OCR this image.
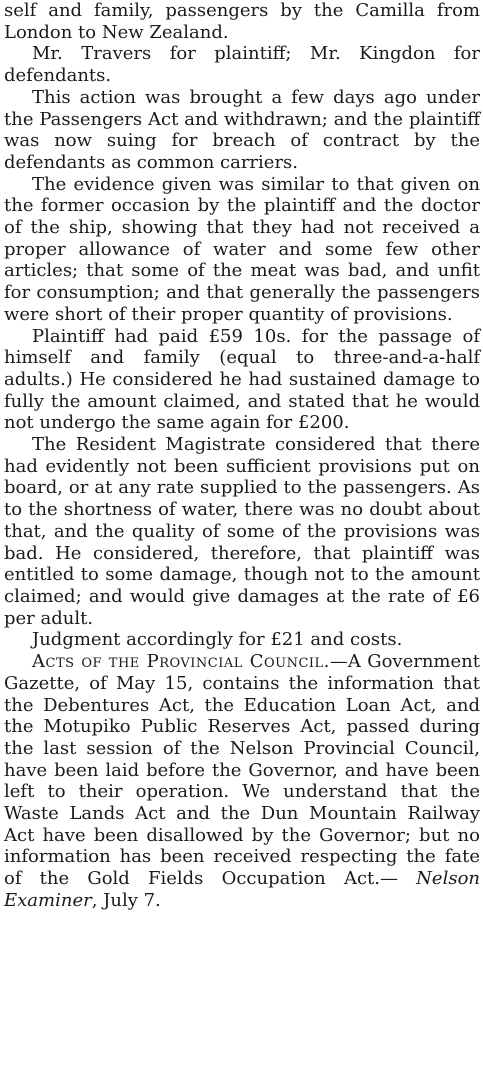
self and family, passengers by the Camilla from London to New Zealand.

Mr. Travers for plaintiff; Mr. Kingdon for defendants.

This action was brought a few days ago under the Passengers Act and withdrawn; and the plaintiff was now suing for breach of contract by the defendants as common carriers.

The evidence given was similar to that given on the former occasion by the plaintiff and the doctor of the ship, showing that they had not received a proper allowance of water and some few other articles; that some of the meat was bad, and unfit for consumption; and that generally the passengers were short of their proper quantity of provisions.

Plaintiff had paid £59 10s. for the passage of himself and family (equal to three-and-a-half adults.) He considered he had sustained damage to fully the amount claimed, and stated that he would not undergo the same again for £200.

The Resident Magistrate considered that there had evidently not been sufficient provisions put on board, or at any rate supplied to the passengers. As to the shortness of water, there was no doubt about that, and the quality of some of the provisions was bad. He considered, therefore, that plaintiff was entitled to some damage, though not to the amount claimed; and would give damages at the rate of £6 per adult.

Judgment accordingly for £21 and costs.

Acts of the Provincial Council.—A Government Gazette, of May 15, contains the information that the Debentures Act, the Education Loan Act, and the Motupiko Public Reserves Act, passed during the last session of the Nelson Provincial Council, have been laid before the Governor, and have been left to their operation. We understand that the Waste Lands Act and the Dun Mountain Railway Act have been disallowed by the Governor; but no information has been received respecting the fate of the Gold Fields Occupation Act.— Nelson Examiner, July 7.
